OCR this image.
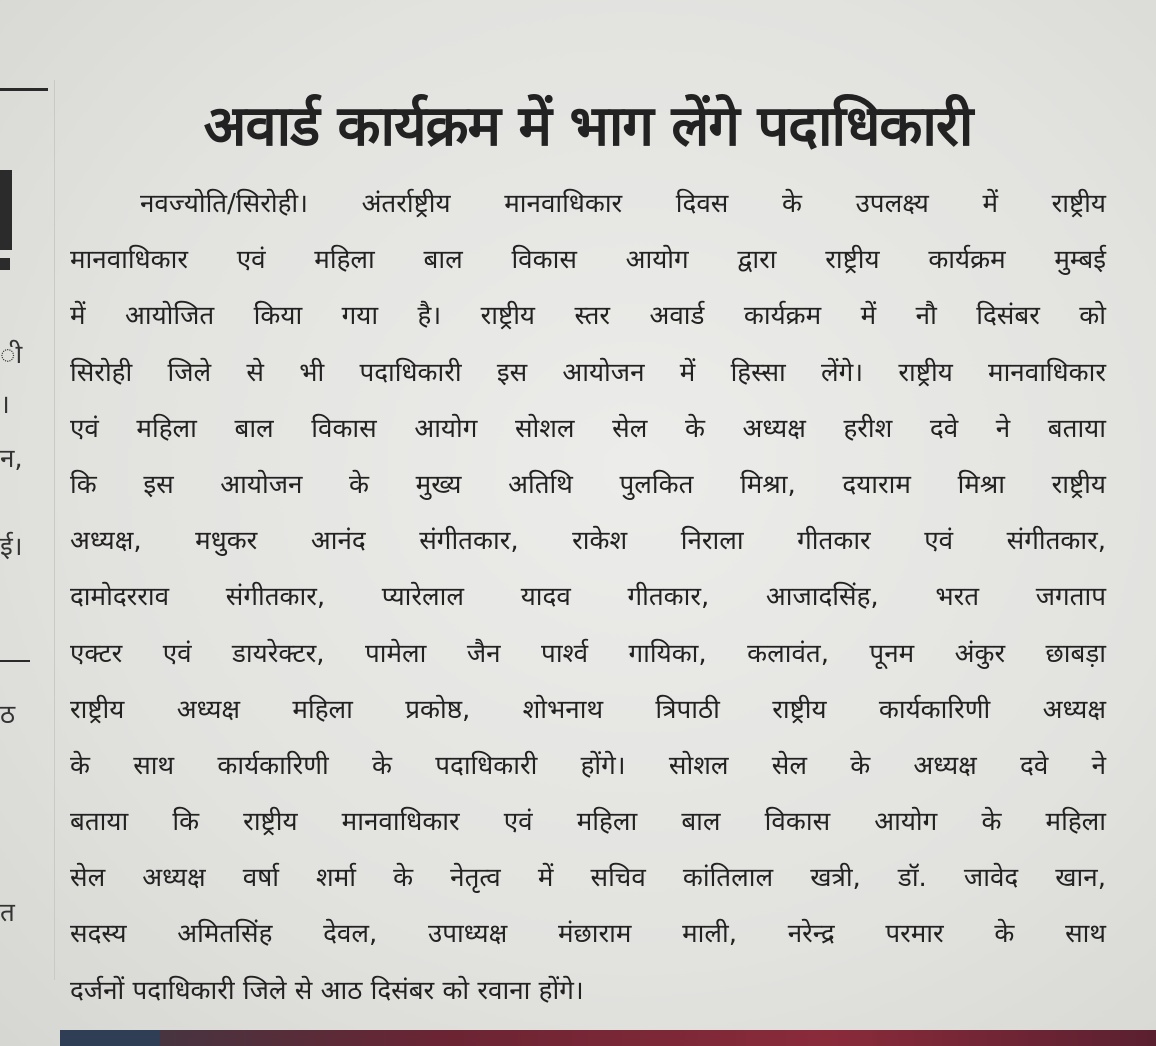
ी
।
न,
ई।
ठ
त
अवार्ड कार्यक्रम में भाग लेंगे पदाधिकारी
नवज्योति/सिरोही। अंतर्राष्ट्रीय मानवाधिकार दिवस के उपलक्ष्य में राष्ट्रीय
मानवाधिकार एवं महिला बाल विकास आयोग द्वारा राष्ट्रीय कार्यक्रम मुम्बई
में आयोजित किया गया है। राष्ट्रीय स्तर अवार्ड कार्यक्रम में नौ दिसंबर को
सिरोही जिले से भी पदाधिकारी इस आयोजन में हिस्सा लेंगे। राष्ट्रीय मानवाधिकार
एवं महिला बाल विकास आयोग सोशल सेल के अध्यक्ष हरीश दवे ने बताया
कि इस आयोजन के मुख्य अतिथि पुलकित मिश्रा, दयाराम मिश्रा राष्ट्रीय
अध्यक्ष, मधुकर आनंद संगीतकार, राकेश निराला गीतकार एवं संगीतकार,
दामोदरराव संगीतकार, प्यारेलाल यादव गीतकार, आजादसिंह, भरत जगताप
एक्टर एवं डायरेक्टर, पामेला जैन पार्श्व गायिका, कलावंत, पूनम अंकुर छाबड़ा
राष्ट्रीय अध्यक्ष महिला प्रकोष्ठ, शोभनाथ त्रिपाठी राष्ट्रीय कार्यकारिणी अध्यक्ष
के साथ कार्यकारिणी के पदाधिकारी होंगे। सोशल सेल के अध्यक्ष दवे ने
बताया कि राष्ट्रीय मानवाधिकार एवं महिला बाल विकास आयोग के महिला
सेल अध्यक्ष वर्षा शर्मा के नेतृत्व में सचिव कांतिलाल खत्री, डॉ. जावेद खान,
सदस्य अमितसिंह देवल, उपाध्यक्ष मंछाराम माली, नरेन्द्र परमार के साथ
दर्जनों पदाधिकारी जिले से आठ दिसंबर को रवाना होंगे।
